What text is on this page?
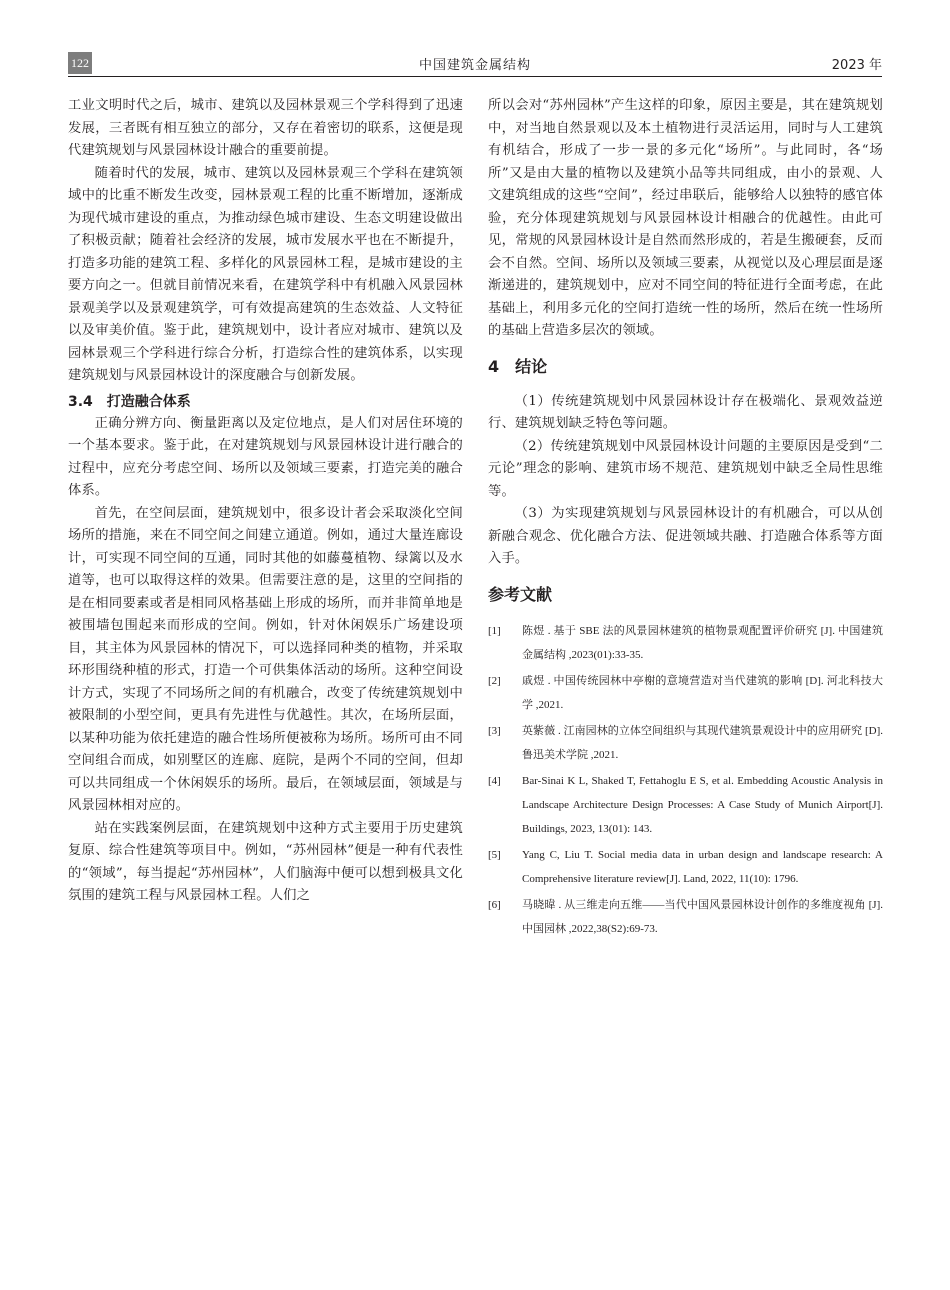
122	中国建筑金属结构	2023 年

工业文明时代之后，城市、建筑以及园林景观三个学科得到了迅速发展，三者既有相互独立的部分，又存在着密切的联系，这便是现代建筑规划与风景园林设计融合的重要前提。

随着时代的发展，城市、建筑以及园林景观三个学科在建筑领域中的比重不断发生改变，园林景观工程的比重不断增加，逐渐成为现代城市建设的重点，为推动绿色城市建设、生态文明建设做出了积极贡献；随着社会经济的发展，城市发展水平也在不断提升，打造多功能的建筑工程、多样化的风景园林工程，是城市建设的主要方向之一。但就目前情况来看，在建筑学科中有机融入风景园林景观美学以及景观建筑学，可有效提高建筑的生态效益、人文特征以及审美价值。鉴于此，建筑规划中，设计者应对城市、建筑以及园林景观三个学科进行综合分析，打造综合性的建筑体系，以实现建筑规划与风景园林设计的深度融合与创新发展。

3.4　打造融合体系

正确分辨方向、衡量距离以及定位地点，是人们对居住环境的一个基本要求。鉴于此，在对建筑规划与风景园林设计进行融合的过程中，应充分考虑空间、场所以及领域三要素，打造完美的融合体系。

首先，在空间层面，建筑规划中，很多设计者会采取淡化空间场所的措施，来在不同空间之间建立通道。例如，通过大量连廊设计，可实现不同空间的互通，同时其他的如藤蔓植物、绿篱以及水道等，也可以取得这样的效果。但需要注意的是，这里的空间指的是在相同要素或者是相同风格基础上形成的场所，而并非简单地是被围墙包围起来而形成的空间。例如，针对休闲娱乐广场建设项目，其主体为风景园林的情况下，可以选择同种类的植物，并采取环形围绕种植的形式，打造一个可供集体活动的场所。这种空间设计方式，实现了不同场所之间的有机融合，改变了传统建筑规划中被限制的小型空间，更具有先进性与优越性。其次，在场所层面，以某种功能为依托建造的融合性场所便被称为场所。场所可由不同空间组合而成，如别墅区的连廊、庭院，是两个不同的空间，但却可以共同组成一个休闲娱乐的场所。最后，在领域层面，领域是与风景园林相对应的。

站在实践案例层面，在建筑规划中这种方式主要用于历史建筑复原、综合性建筑等项目中。例如，“苏州园林”便是一种有代表性的“领域”，每当提起“苏州园林”，人们脑海中便可以想到极具文化氛围的建筑工程与风景园林工程。人们之

所以会对“苏州园林”产生这样的印象，原因主要是，其在建筑规划中，对当地自然景观以及本土植物进行灵活运用，同时与人工建筑有机结合，形成了一步一景的多元化“场所”。与此同时，各“场所”又是由大量的植物以及建筑小品等共同组成，由小的景观、人文建筑组成的这些“空间”，经过串联后，能够给人以独特的感官体验，充分体现建筑规划与风景园林设计相融合的优越性。由此可见，常规的风景园林设计是自然而然形成的，若是生搬硬套，反而会不自然。空间、场所以及领域三要素，从视觉以及心理层面是逐渐递进的，建筑规划中，应对不同空间的特征进行全面考虑，在此基础上，利用多元化的空间打造统一性的场所，然后在统一性场所的基础上营造多层次的领域。

4　结论

（1）传统建筑规划中风景园林设计存在极端化、景观效益逆行、建筑规划缺乏特色等问题。

（2）传统建筑规划中风景园林设计问题的主要原因是受到“二元论”理念的影响、建筑市场不规范、建筑规划中缺乏全局性思维等。

（3）为实现建筑规划与风景园林设计的有机融合，可以从创新融合观念、优化融合方法、促进领域共融、打造融合体系等方面入手。

参考文献
[1]	陈煜 . 基于 SBE 法的风景园林建筑的植物景观配置评价研究 [J]. 中国建筑金属结构 ,2023(01):33-35.
[2]	戚煜 . 中国传统园林中亭榭的意境营造对当代建筑的影响 [D]. 河北科技大学 ,2021.
[3]	英紫薇 . 江南园林的立体空间组织与其现代建筑景观设计中的应用研究 [D]. 鲁迅美术学院 ,2021.
[4]	Bar-Sinai K L, Shaked T, Fettahoglu E S, et al. Embedding Acoustic Analysis in Landscape Architecture Design Processes: A Case Study of Munich Airport[J]. Buildings, 2023, 13(01): 143.
[5]	Yang C, Liu T. Social media data in urban design and landscape research: A Comprehensive literature review[J]. Land, 2022, 11(10): 1796.
[6]	马晓暐 . 从三维走向五维——当代中国风景园林设计创作的多维度视角 [J]. 中国园林 ,2022,38(S2):69-73.
